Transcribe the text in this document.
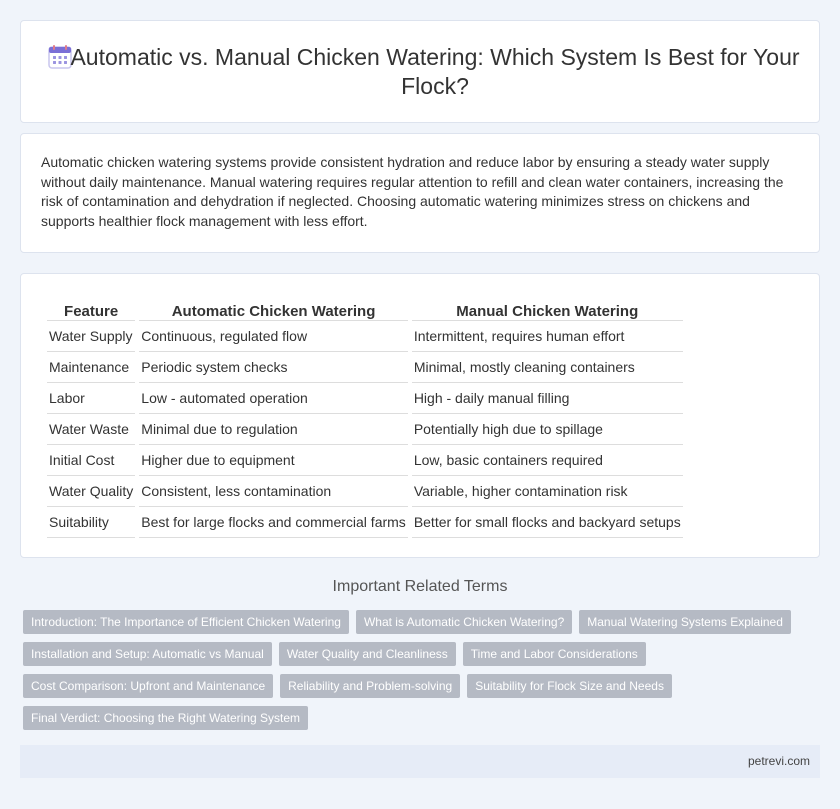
Automatic vs. Manual Chicken Watering: Which System Is Best for Your Flock?

Automatic chicken watering systems provide consistent hydration and reduce labor by ensuring a steady water supply without daily maintenance. Manual watering requires regular attention to refill and clean water containers, increasing the risk of contamination and dehydration if neglected. Choosing automatic watering minimizes stress on chickens and supports healthier flock management with less effort.

Feature	Automatic Chicken Watering	Manual Chicken Watering
Water Supply	Continuous, regulated flow	Intermittent, requires human effort
Maintenance	Periodic system checks	Minimal, mostly cleaning containers
Labor	Low - automated operation	High - daily manual filling
Water Waste	Minimal due to regulation	Potentially high due to spillage
Initial Cost	Higher due to equipment	Low, basic containers required
Water Quality	Consistent, less contamination	Variable, higher contamination risk
Suitability	Best for large flocks and commercial farms	Better for small flocks and backyard setups
Important Related Terms
Introduction: The Importance of Efficient Chicken Watering	What is Automatic Chicken Watering?	Manual Watering Systems Explained
Installation and Setup: Automatic vs Manual	Water Quality and Cleanliness	Time and Labor Considerations
Cost Comparison: Upfront and Maintenance	Reliability and Problem-solving	Suitability for Flock Size and Needs
Final Verdict: Choosing the Right Watering System
petrevi.com
